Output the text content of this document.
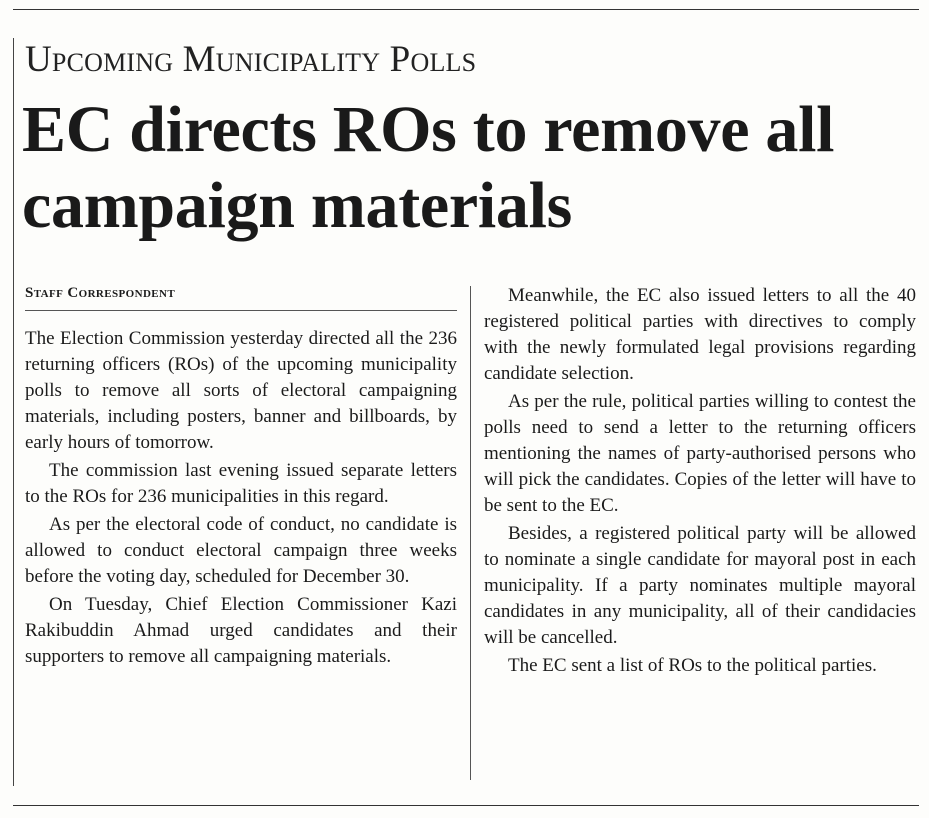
Upcoming Municipality Polls
EC directs ROs to remove all campaign materials
Staff Correspondent

The Election Commission yesterday directed all the 236 returning officers (ROs) of the upcoming municipality polls to remove all sorts of electoral campaigning materials, including posters, banner and billboards, by early hours of tomorrow.

The commission last evening issued separate letters to the ROs for 236 municipalities in this regard.

As per the electoral code of conduct, no candidate is allowed to conduct electoral campaign three weeks before the voting day, scheduled for December 30.

On Tuesday, Chief Election Commissioner Kazi Rakibuddin Ahmad urged candidates and their supporters to remove all campaigning materials.

Meanwhile, the EC also issued letters to all the 40 registered political parties with directives to comply with the newly formulated legal provisions regarding candidate selection.

As per the rule, political parties willing to contest the polls need to send a letter to the returning officers mentioning the names of party-authorised persons who will pick the candidates. Copies of the letter will have to be sent to the EC.

Besides, a registered political party will be allowed to nominate a single candidate for mayoral post in each municipality. If a party nominates multiple mayoral candidates in any municipality, all of their candidacies will be cancelled.

The EC sent a list of ROs to the political parties.
